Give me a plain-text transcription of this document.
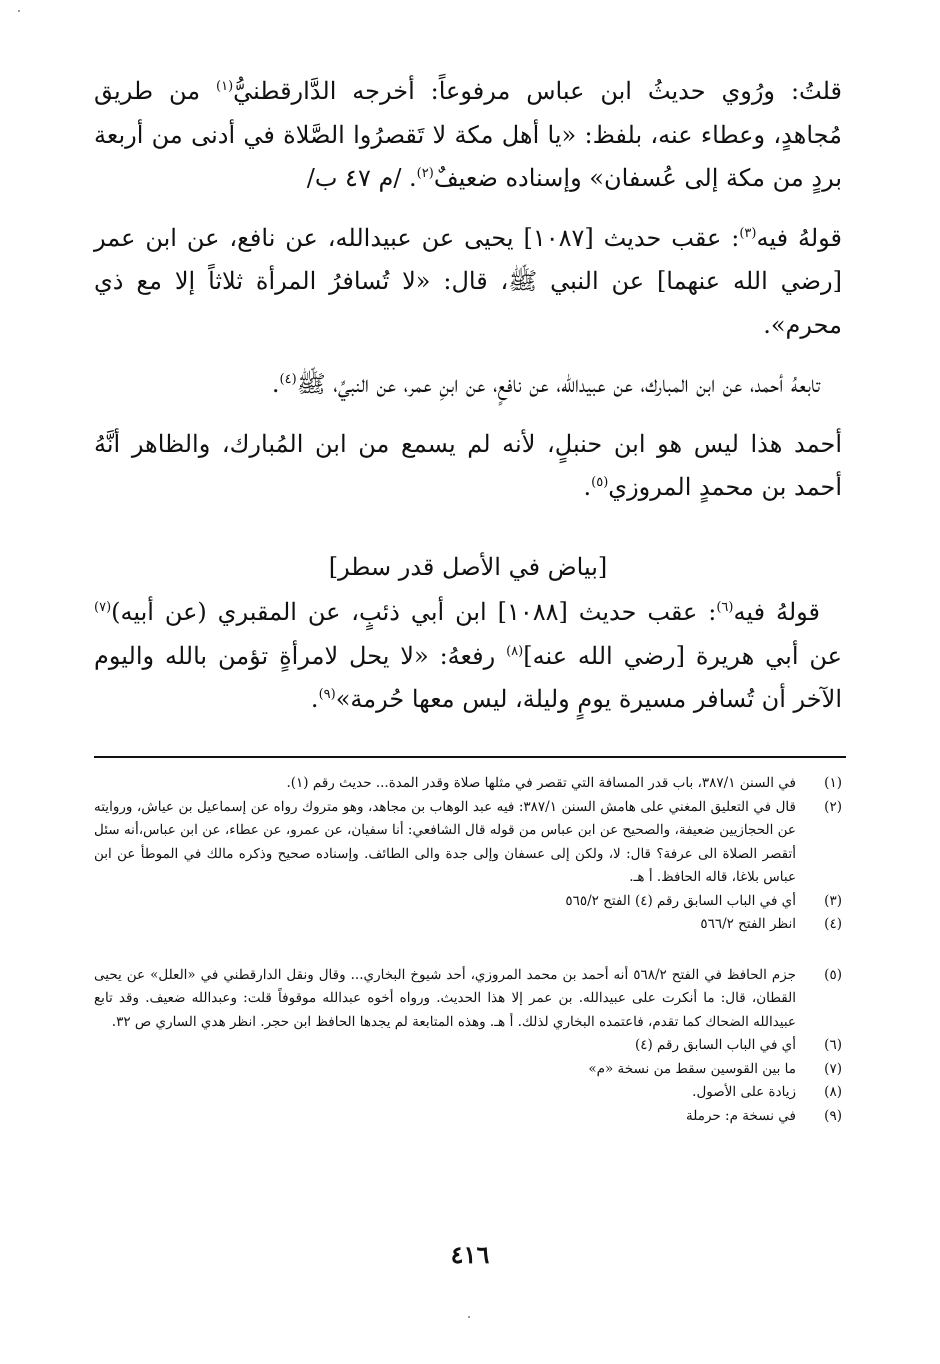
قلتُ: ورُوي حديثُ ابن عباس مرفوعاً: أخرجه الدَّارقطنيُّ$^{(١)}$ من طريق مُجاهدٍ، وعطاء عنه، بلفظ: «يا أهل مكة لا تَقصرُوا الصَّلاة في أدنى من أربعة بردٍ من مكة إلى عُسفان» وإسناده ضعيفٌ$^{(٢)}$. /م ٤٧ ب/

قولهُ فيه$^{(٣)}$: عقب حديث [١٠٨٧] يحيى عن عبيدالله، عن نافع، عن ابن عمر [رضي الله عنهما] عن النبي ﷺ، قال: «لا تُسافرُ المرأة ثلاثاً إلا مع ذي محرم».

تابعهُ أحمد، عن ابن المبارك، عن عبيدالله، عن نافعٍ، عن ابنِ عمر، عن النبيِّ، ﷺ$^{(٤)}$.

أحمد هذا ليس هو ابن حنبلٍ، لأنه لم يسمع من ابن المُبارك، والظاهر أنَّهُ أحمد بن محمدٍ المروزي$^{(٥)}$.

[بياض في الأصل قدر سطر]

قولهُ فيه$^{(٦)}$: عقب حديث [١٠٨٨] ابن أبي ذئبٍ، عن المقبري (عن أبيه)$^{(٧)}$ عن أبي هريرة [رضي الله عنه]$^{(٨)}$ رفعهُ: «لا يحل لامرأةٍ تؤمن بالله واليوم الآخر أن تُسافر مسيرة يومٍ وليلة، ليس معها حُرمة»$^{(٩)}$.

(١)
في السنن ٣٨٧/١، باب قدر المسافة التي تقصر في مثلها صلاة وقدر المدة... حديث رقم (١).
(٢)
قال في التعليق المغني على هامش السنن ٣٨٧/١: فيه عبد الوهاب بن مجاهد، وهو متروك رواه عن إسماعيل بن عياش، وروايته عن الحجازيين ضعيفة، والصحيح عن ابن عباس من قوله قال الشافعي: أنا سفيان، عن عمرو، عن عطاء، عن ابن عباس،أنه سئل أتقصر الصلاة الى عرفة؟ قال: لا، ولكن إلى عسفان وإلى جدة والى الطائف. وإسناده صحيح وذكره مالك في الموطأ عن ابن عباس بلاغا، قاله الحافظ. أ هـ.
(٣)
أي في الباب السابق رقم (٤) الفتح ٥٦٥/٢
(٤)
انظر الفتح ٥٦٦/٢
(٥)
جزم الحافظ في الفتح ٥٦٨/٢ أنه أحمد بن محمد المروزي، أحد شيوخ البخاري... وقال ونقل الدارقطني في «العلل» عن يحيى القطان، قال: ما أنكرت على عبيدالله. بن عمر إلا هذا الحديث. ورواه أخوه عبدالله موقوفاً قلت: وعبدالله ضعيف. وقد تابع عبيدالله الضحاك كما تقدم، فاعتمده البخاري لذلك. أ هـ. وهذه المتابعة لم يجدها الحافظ ابن حجر. انظر هدي الساري ص ٣٢.
(٦)
أي في الباب السابق رقم (٤)
(٧)
ما بين القوسين سقط من نسخة «م»
(٨)
زيادة على الأصول.
(٩)
في نسخة م: حرملة
٤١٦
